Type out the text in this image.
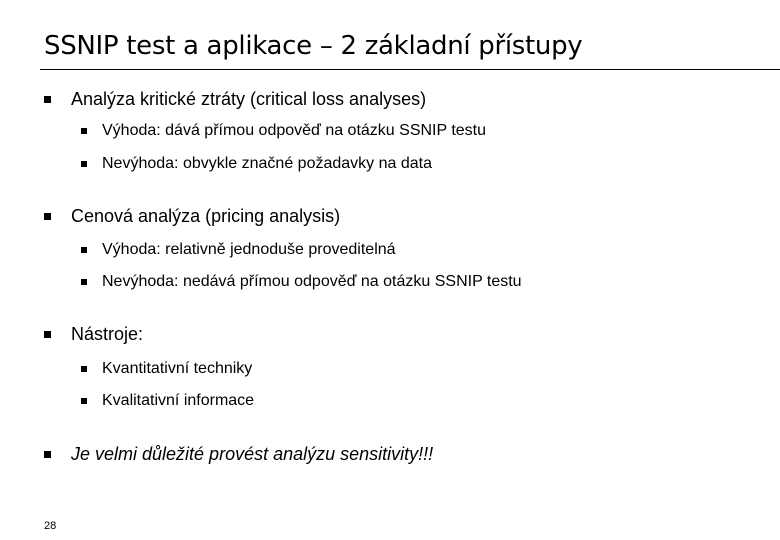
SSNIP test a aplikace – 2 základní přístupy
Analýza kritické ztráty (critical loss analyses)
Výhoda: dává přímou odpověď na otázku SSNIP testu
Nevýhoda: obvykle značné požadavky na data
Cenová analýza (pricing analysis)
Výhoda: relativně jednoduše proveditelná
Nevýhoda: nedává přímou odpověď na otázku SSNIP testu
Nástroje:
Kvantitativní techniky
Kvalitativní informace
Je velmi důležité provést analýzu sensitivity!!!
28
